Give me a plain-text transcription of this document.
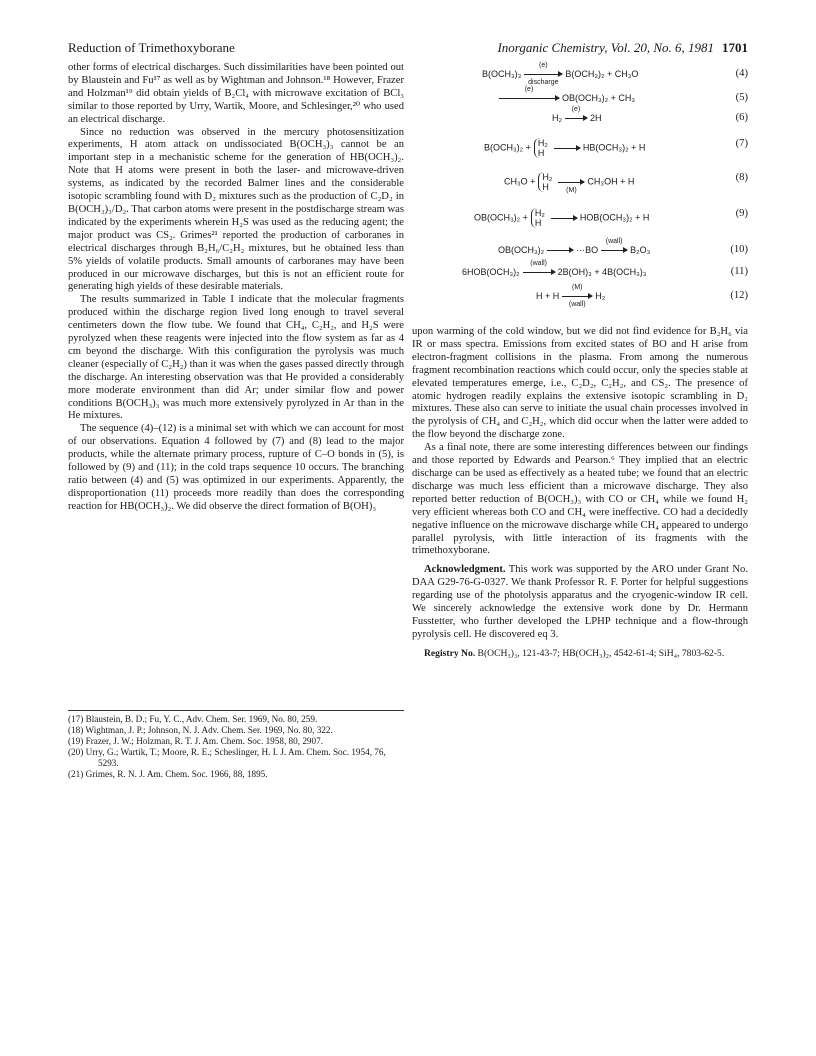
Reduction of Trimethoxyborane	Inorganic Chemistry, Vol. 20, No. 6, 1981 1701

other forms of electrical discharges. Such dissimilarities have been pointed out by Blaustein and Fu¹⁷ as well as by Wightman and Johnson.¹⁸ However, Frazer and Holzman¹⁹ did obtain yields of B₂Cl₄ with microwave excitation of BCl₃ similar to those reported by Urry, Wartik, Moore, and Schlesinger,²⁰ who used an electrical discharge.

Since no reduction was observed in the mercury photosensitization experiments, H atom attack on undissociated B(OCH₃)₃ cannot be an important step in a mechanistic scheme for the generation of HB(OCH₃)₂. Note that H atoms were present in both the laser- and microwave-driven systems, as indicated by the recorded Balmer lines and the considerable isotopic scrambling found with D₂ mixtures such as the production of C₂D₂ in B(OCH₃)₃/D₂. That carbon atoms were present in the postdischarge stream was indicated by the experiments wherein H₂S was used as the reducing agent; the major product was CS₂. Grimes²¹ reported the production of carboranes in electrical discharges through B₂H₆/C₂H₂ mixtures, but he obtained less than 5% yields of volatile products. Small amounts of carboranes may have been produced in our microwave discharges, but this is not an efficient route for generating high yields of these desirable materials.

The results summarized in Table I indicate that the molecular fragments produced within the discharge region lived long enough to travel several centimeters down the flow tube. We found that CH₄, C₂H₂, and H₂S were pyrolyzed when these reagents were injected into the flow system as far as 4 cm beyond the discharge. With this configuration the pyrolysis was much cleaner (especially of C₂H₂) than it was when the gases passed directly through the discharge. An interesting observation was that He provided a considerably more moderate environment than did Ar; under similar flow and power conditions B(OCH₃)₃ was much more extensively pyrolyzed in Ar than in the He mixtures.

The sequence (4)–(12) is a minimal set with which we can account for most of our observations. Equation 4 followed by (7) and (8) lead to the major products, while the alternate primary process, rupture of C–O bonds in (5), is followed by (9) and (11); in the cold traps sequence 10 occurs. The branching ratio between (4) and (5) was optimized in our experiments. Apparently, the disproportionation (11) proceeds more readily than does the corresponding reaction for HB(OCH₃)₂. We did observe the direct formation of B(OH)₃

(17) Blaustein, B. D.; Fu, Y. C., Adv. Chem. Ser. 1969, No. 80, 259.
(18) Wightman, J. P.; Johnson, N. J. Adv. Chem. Ser. 1969, No. 80, 322.
(19) Frazer, J. W.; Holzman, R. T. J. Am. Chem. Soc. 1958, 80, 2907.
(20) Urry, G.; Wartik, T.; Moore, R. E.; Scheslinger, H. I. J. Am. Chem. Soc. 1954, 76, 5293.
(21) Grimes, R. N. J. Am. Chem. Soc. 1966, 88, 1895.
B(OCH₃)₃
(e)
discharge
B(OCH₃)₂ + CH₃O	(4)
(e)
OB(OCH₃)₂ + CH₃	(5)
H₂
(e)
2H	(6)
B(OCH₃)₂ + H₂
HHB(OCH₃)₂ + H	(7)
CH₃O + H₂
H	(M)
CH₃OH + H	(8)
OB(OCH₃)₂ + H₂
HHOB(OCH₃)₂ + H	(9)
OB(OCH₃)₂	···BO
(wall)
B₂O₃	(10)
6HOB(OCH₃)₂
(wall)
2B(OH)₃ + 4B(OCH₃)₃	(11)
H + H
(M)
(wall)
H₂	(12)

upon warming of the cold window, but we did not find evidence for B₂H₆ via IR or mass spectra. Emissions from excited states of BO and H arise from electron-fragment collisions in the plasma. From among the numerous fragment recombination reactions which could occur, only the species stable at elevated temperatures emerge, i.e., C₂D₂, C₂H₂, and CS₂. The presence of atomic hydrogen readily explains the extensive isotopic scrambling in D₂ mixtures. These also can serve to initiate the usual chain processes involved in the pyrolysis of CH₄ and C₂H₂, which did occur when the latter were added to the flow beyond the discharge zone.

As a final note, there are some interesting differences between our findings and those reported by Edwards and Pearson.⁶ They implied that an electric discharge can be used as effectively as a heated tube; we found that an electric discharge was much less efficient than a microwave discharge. They also reported better reduction of B(OCH₃)₃ with CO or CH₄ while we found H₂ very efficient whereas both CO and CH₄ were ineffective. CO had a decidedly negative influence on the microwave discharge while CH₄ appeared to undergo parallel pyrolysis, with little interaction of its fragments with the trimethoxyborane.

Acknowledgment. This work was supported by the ARO under Grant No. DAA G29-76-G-0327. We thank Professor R. F. Porter for helpful suggestions regarding use of the photolysis apparatus and the cryogenic-window IR cell. We sincerely acknowledge the extensive work done by Dr. Hermann Fusstetter, who further developed the LPHP technique and a flow-through pyrolysis cell. He discovered eq 3.

Registry No. B(OCH₃)₃, 121-43-7; HB(OCH₃)₂, 4542-61-4; SiH₄, 7803-62-5.
